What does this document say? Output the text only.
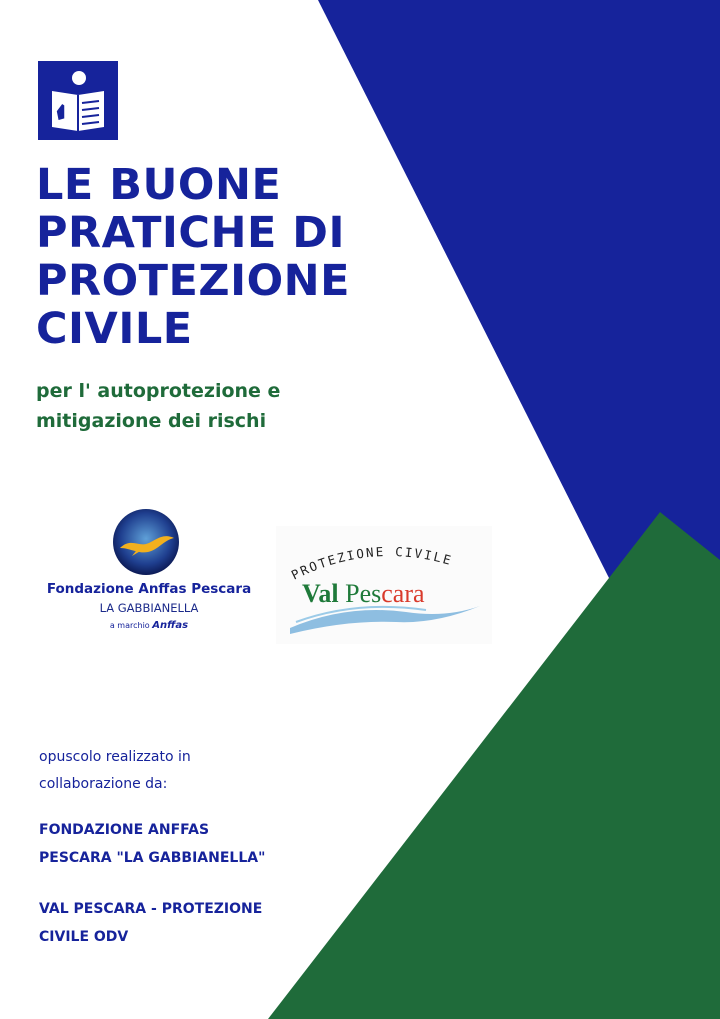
LE BUONE
PRATICHE DI
PROTEZIONE
CIVILE
per l' autoprotezione e
mitigazione dei rischi
Fondazione Anffas Pescara
LA GABBIANELLA
a marchio Anffas
PROTEZIONE CIVILE
Val Pescara
opuscolo realizzato in
collaborazione da:
FONDAZIONE ANFFAS
PESCARA "LA GABBIANELLA"
VAL PESCARA - PROTEZIONE
CIVILE ODV
